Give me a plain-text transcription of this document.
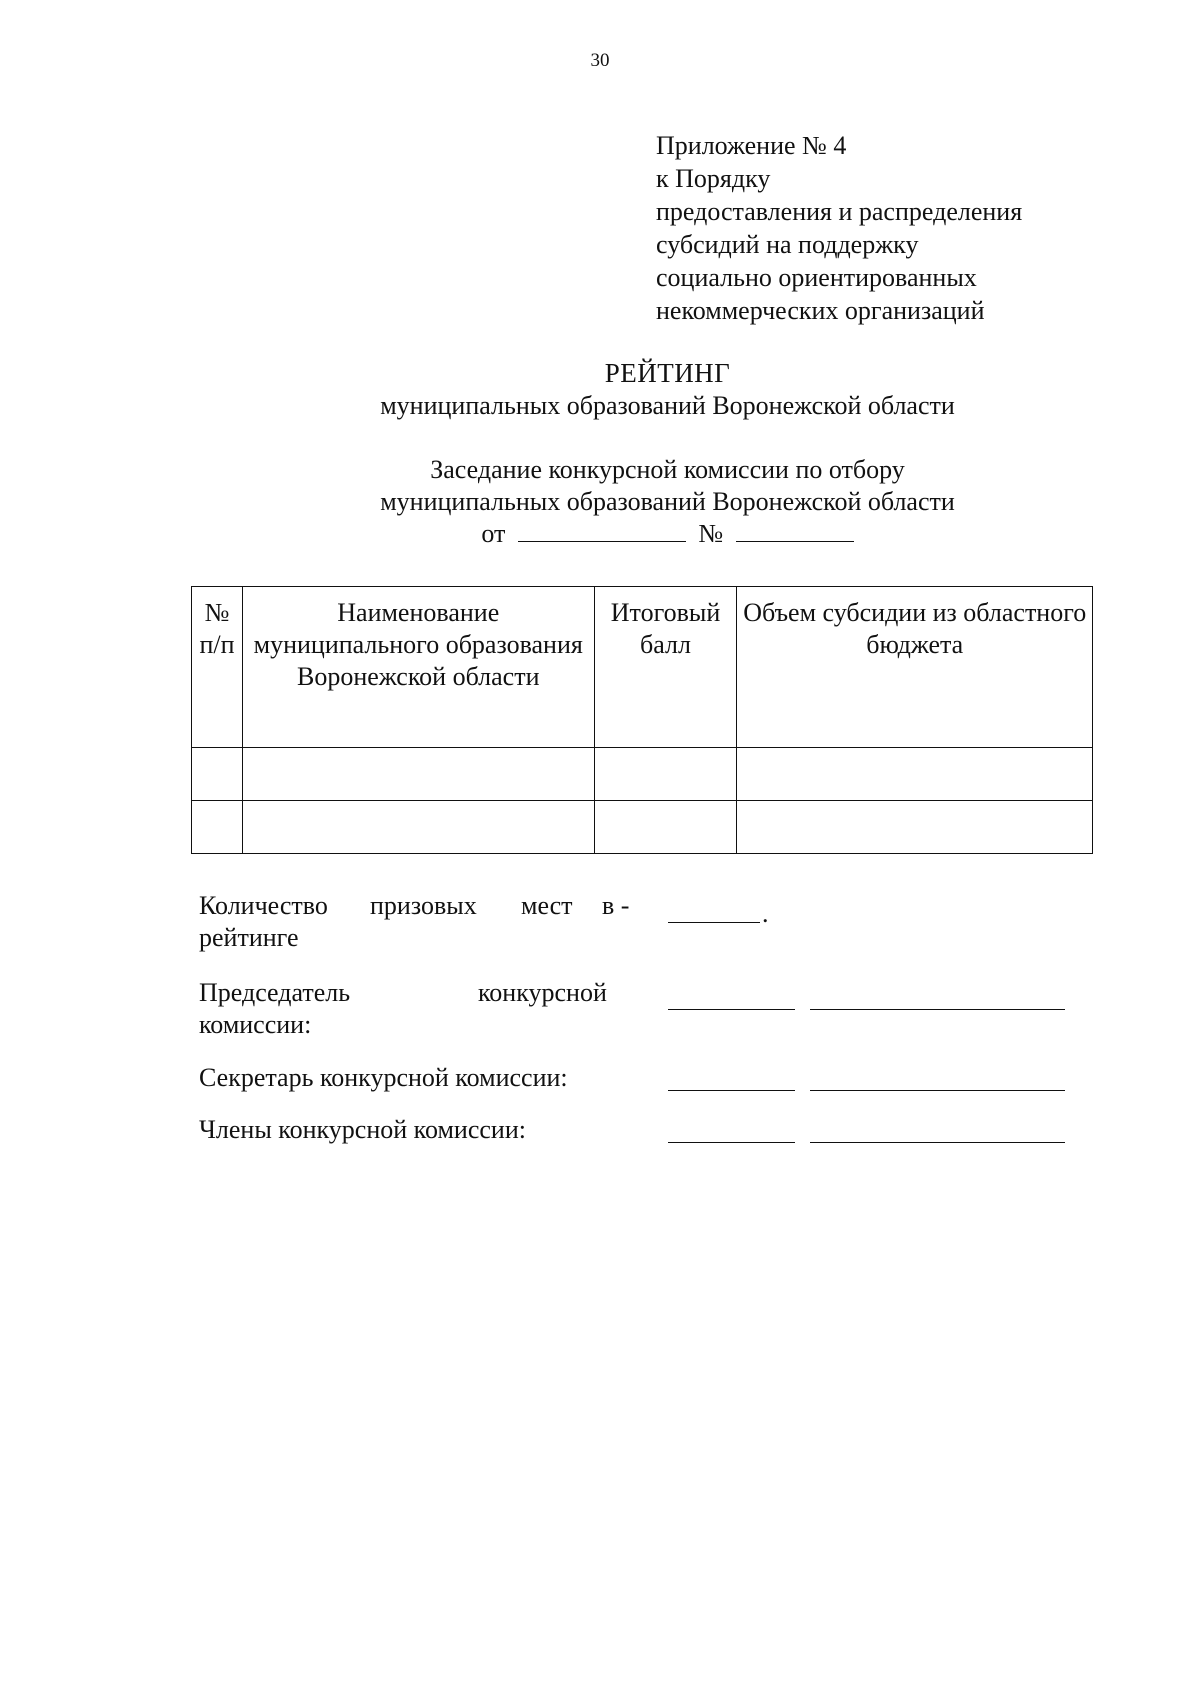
30
Приложение № 4
к Порядку
предоставления и распределения
субсидий на поддержку
социально ориентированных
некоммерческих организаций
РЕЙТИНГ
муниципальных образований Воронежской области
Заседание конкурсной комиссии по отбору
муниципальных образований Воронежской области
от	№
№ п/п	Наименование муниципального образования Воронежской области	Итоговый балл	Объем субсидии из областного бюджета

Количество призовых мест в -
рейтинге
.
Председатель	конкурсной
комиссии:
Секретарь конкурсной комиссии:
Члены конкурсной комиссии:
